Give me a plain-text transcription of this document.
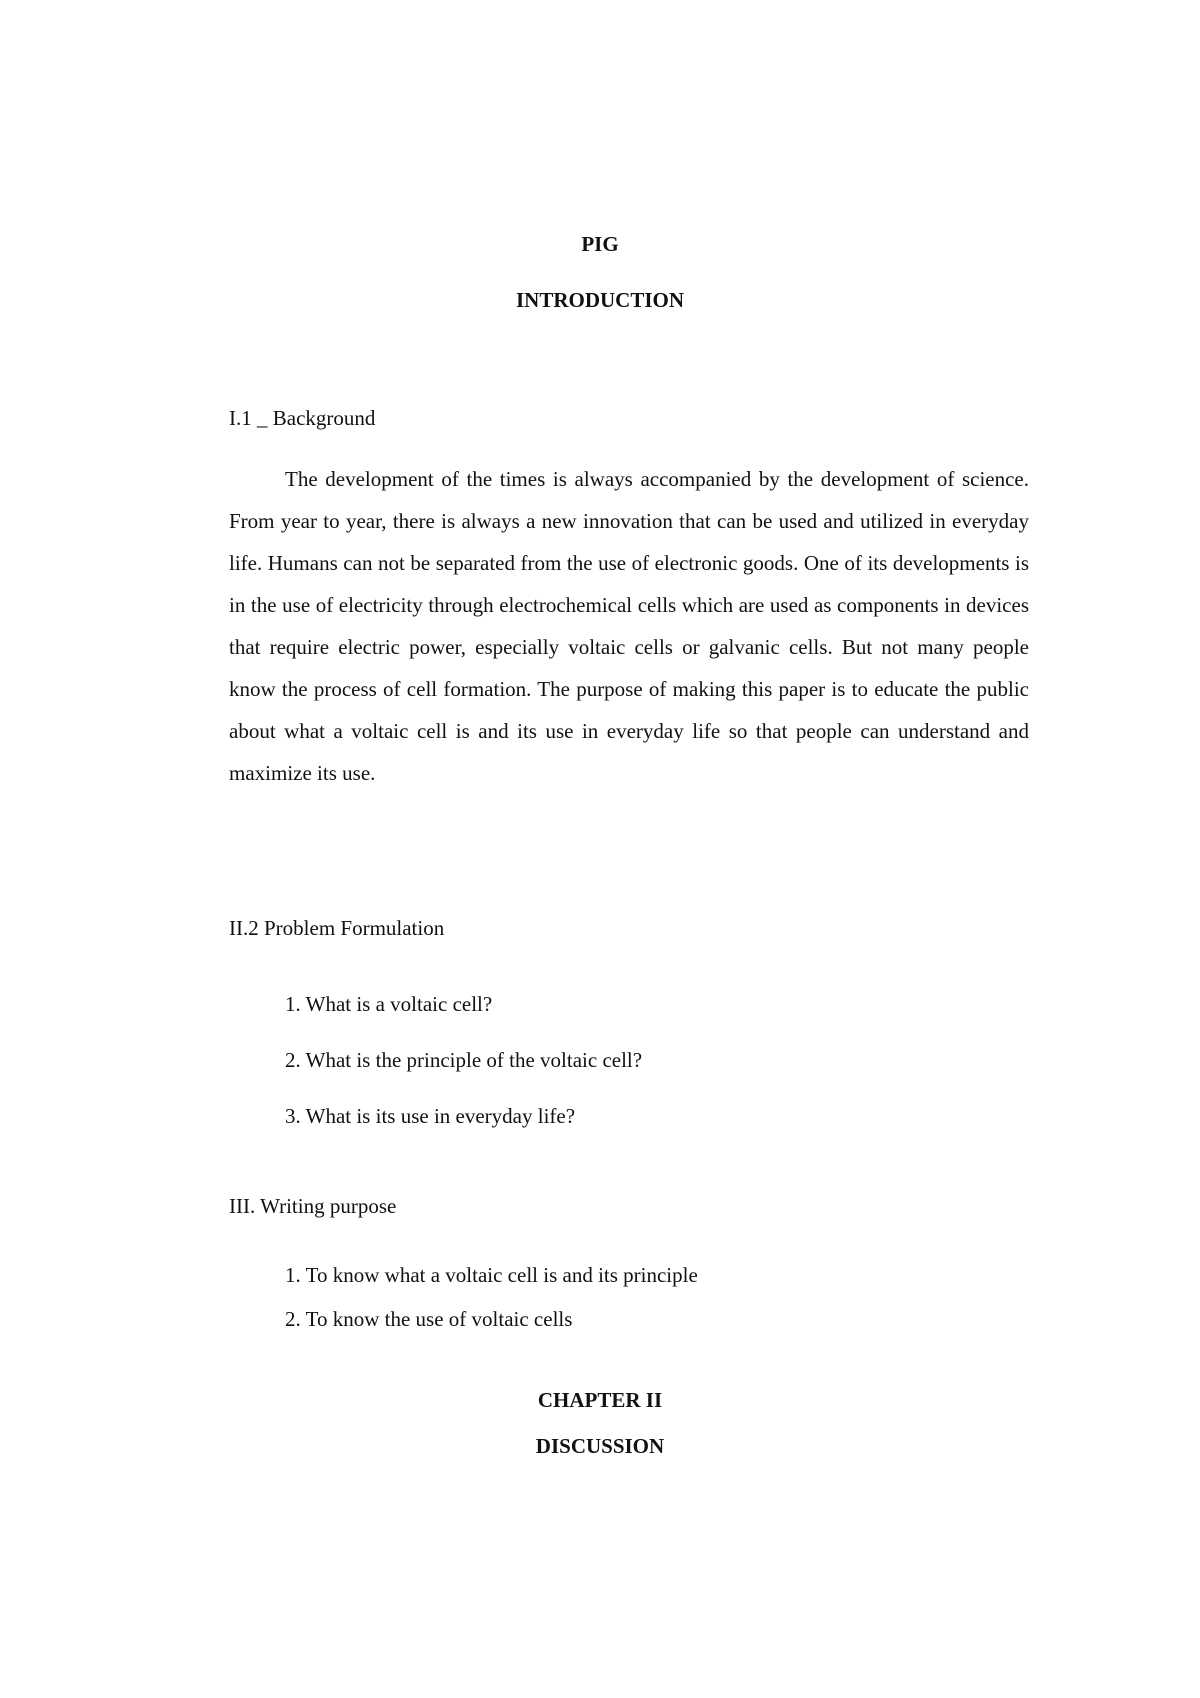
PIG
INTRODUCTION
I.1 _ Background

The development of the times is always accompanied by the development of science. From year to year, there is always a new innovation that can be used and utilized in everyday life. Humans can not be separated from the use of electronic goods. One of its developments is in the use of electricity through electrochemical cells which are used as components in devices that require electric power, especially voltaic cells or galvanic cells. But not many people know the process of cell formation. The purpose of making this paper is to educate the public about what a voltaic cell is and its use in everyday life so that people can understand and maximize its use.

II.2 Problem Formulation
1. What is a voltaic cell?
2. What is the principle of the voltaic cell?
3. What is its use in everyday life?
III. Writing purpose
1. To know what a voltaic cell is and its principle
2. To know the use of voltaic cells
CHAPTER II
DISCUSSION
